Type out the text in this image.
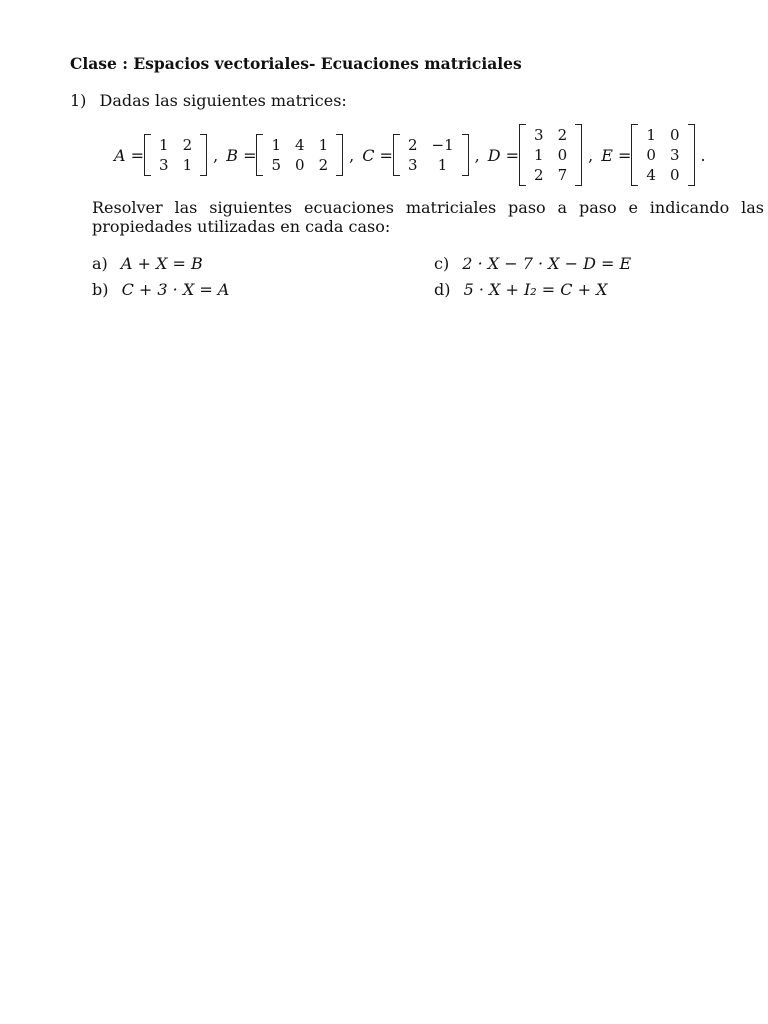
Clase : Espacios vectoriales- Ecuaciones matriciales
1) Dadas las siguientes matrices:
A =
1 2
3 1
, B =
1 4 1
5 0 2
, C =
2 −1
3	1
, D =
3 2
1 0
2 7
, E =
1 0
0 3
4 0
.
Resolver las siguientes ecuaciones matriciales paso a paso e indicando las propiedades utilizadas en cada caso:
a) A + X = B
b) C + 3 · X = A
c) 2 · X − 7 · X − D = E
d) 5 · X + I₂ = C + X
